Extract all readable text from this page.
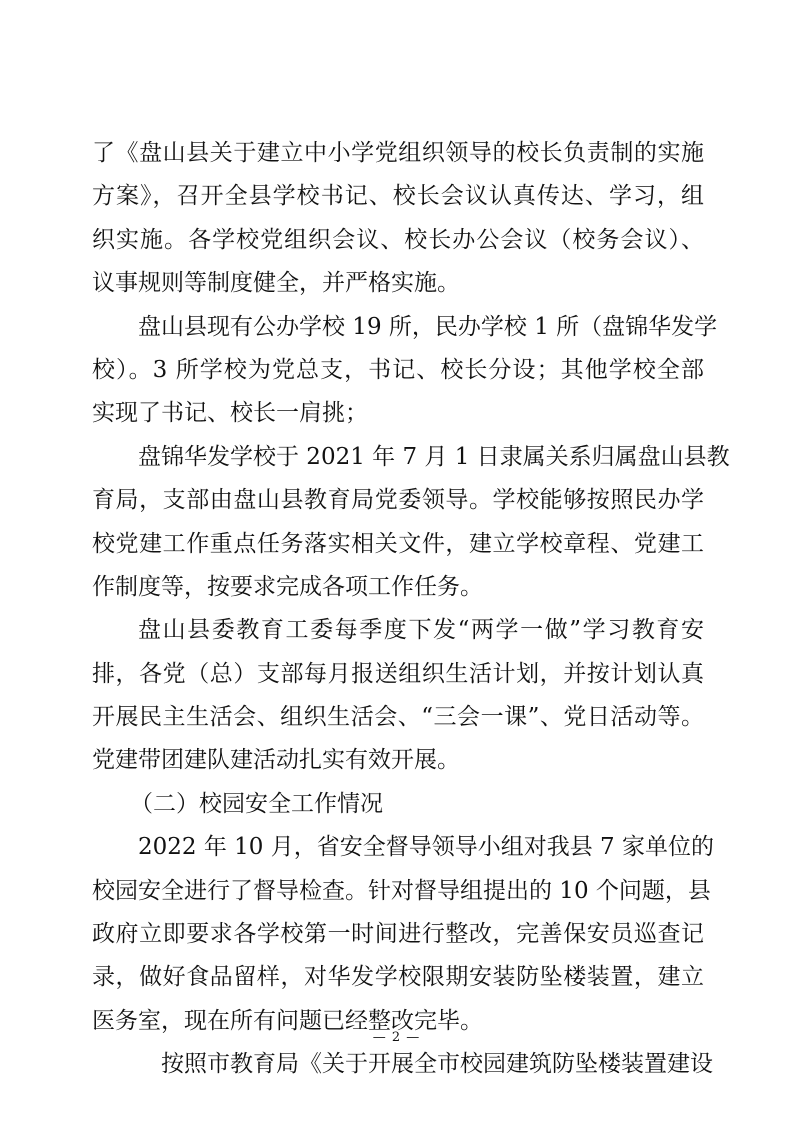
了《盘山县关于建立中小学党组织领导的校长负责制的实施
方案》，召开全县学校书记、校长会议认真传达、学习，组
织实施。各学校党组织会议、校长办公会议（校务会议）、
议事规则等制度健全，并严格实施。
盘山县现有公办学校 19 所，民办学校 1 所（盘锦华发学
校）。3 所学校为党总支，书记、校长分设；其他学校全部
实现了书记、校长一肩挑；
盘锦华发学校于 2021 年 7 月 1 日隶属关系归属盘山县教
育局，支部由盘山县教育局党委领导。学校能够按照民办学
校党建工作重点任务落实相关文件，建立学校章程、党建工
作制度等，按要求完成各项工作任务。
盘山县委教育工委每季度下发“两学一做”学习教育安
排，各党（总）支部每月报送组织生活计划，并按计划认真
开展民主生活会、组织生活会、“三会一课”、党日活动等。
党建带团建队建活动扎实有效开展。
（二）校园安全工作情况
2022 年 10 月，省安全督导领导小组对我县 7 家单位的
校园安全进行了督导检查。针对督导组提出的 10 个问题，县
政府立即要求各学校第一时间进行整改，完善保安员巡查记
录，做好食品留样，对华发学校限期安装防坠楼装置，建立
医务室，现在所有问题已经整改完毕。
按照市教育局《关于开展全市校园建筑防坠楼装置建设
— 2 —
